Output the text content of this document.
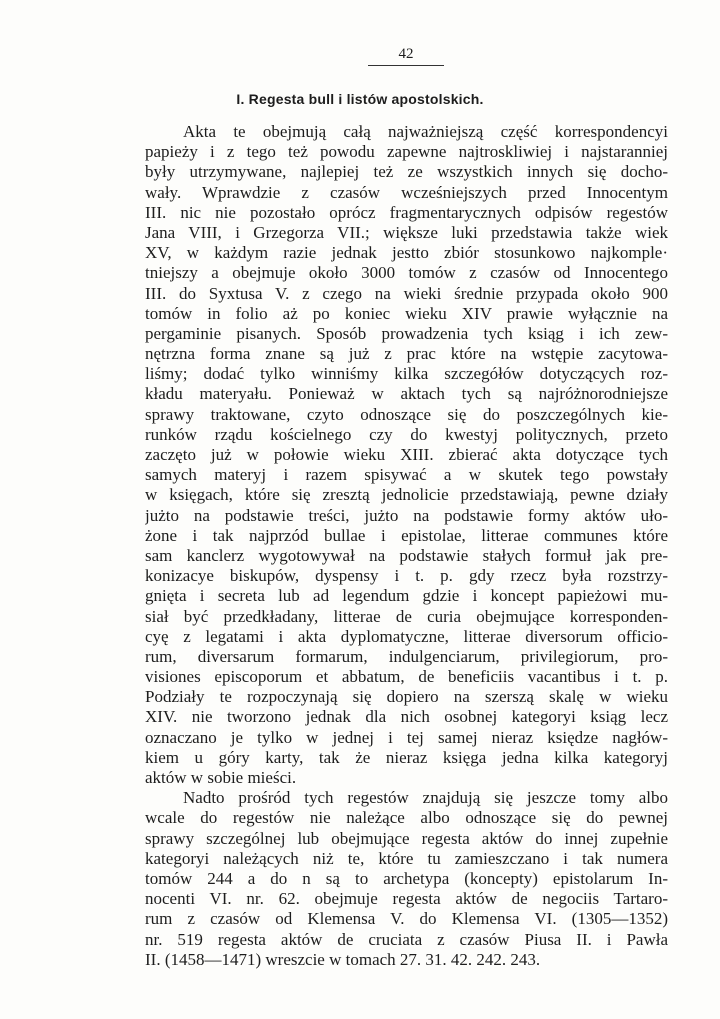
42
I. Regesta bull i listów apostolskich.
Akta te obejmują całą najważniejszą część korrespondencyi
papieży i z tego też powodu zapewne najtroskliwiej i najstaranniej
były utrzymywane, najlepiej też ze wszystkich innych się docho-
wały. Wprawdzie z czasów wcześniejszych przed Innocentym
III. nic nie pozostało oprócz fragmentarycznych odpisów regestów
Jana VIII, i Grzegorza VII.; większe luki przedstawia także wiek
XV, w każdym razie jednak jestto zbiór stosunkowo najkomple·
tniejszy a obejmuje około 3000 tomów z czasów od Innocentego
III. do Syxtusa V. z czego na wieki średnie przypada około 900
tomów in folio aż po koniec wieku XIV prawie wyłącznie na
pergaminie pisanych. Sposób prowadzenia tych ksiąg i ich zew-
nętrzna forma znane są już z prac które na wstępie zacytowa-
liśmy; dodać tylko winniśmy kilka szczegółów dotyczących roz-
kładu materyału. Ponieważ w aktach tych są najróżnorodniejsze
sprawy traktowane, czyto odnoszące się do poszczególnych kie-
runków rządu kościelnego czy do kwestyj politycznych, przeto
zaczęto już w połowie wieku XIII. zbierać akta dotyczące tych
samych materyj i razem spisywać a w skutek tego powstały
w księgach, które się zresztą jednolicie przedstawiają, pewne działy
jużto na podstawie treści, jużto na podstawie formy aktów uło-
żone i tak najprzód bullae i epistolae, litterae communes które
sam kanclerz wygotowywał na podstawie stałych formuł jak pre-
konizacye biskupów, dyspensy i t. p. gdy rzecz była rozstrzy-
gnięta i secreta lub ad legendum gdzie i koncept papieżowi mu-
siał być przedkładany, litterae de curia obejmujące korresponden-
cyę z legatami i akta dyplomatyczne, litterae diversorum officio-
rum, diversarum formarum, indulgenciarum, privilegiorum, pro-
visiones episcoporum et abbatum, de beneficiis vacantibus i t. p.
Podziały te rozpoczynają się dopiero na szerszą skalę w wieku
XIV. nie tworzono jednak dla nich osobnej kategoryi ksiąg lecz
oznaczano je tylko w jednej i tej samej nieraz księdze nagłów-
kiem u góry karty, tak że nieraz księga jedna kilka kategoryj
aktów w sobie mieści.
Nadto prośród tych regestów znajdują się jeszcze tomy albo
wcale do regestów nie należące albo odnoszące się do pewnej
sprawy szczególnej lub obejmujące regesta aktów do innej zupełnie
kategoryi należących niż te, które tu zamieszczano i tak numera
tomów 244 a do n są to archetypa (koncepty) epistolarum In-
nocenti VI. nr. 62. obejmuje regesta aktów de negociis Tartaro-
rum z czasów od Klemensa V. do Klemensa VI. (1305—1352)
nr. 519 regesta aktów de cruciata z czasów Piusa II. i Pawła
II. (1458—1471) wreszcie w tomach 27. 31. 42. 242. 243.
